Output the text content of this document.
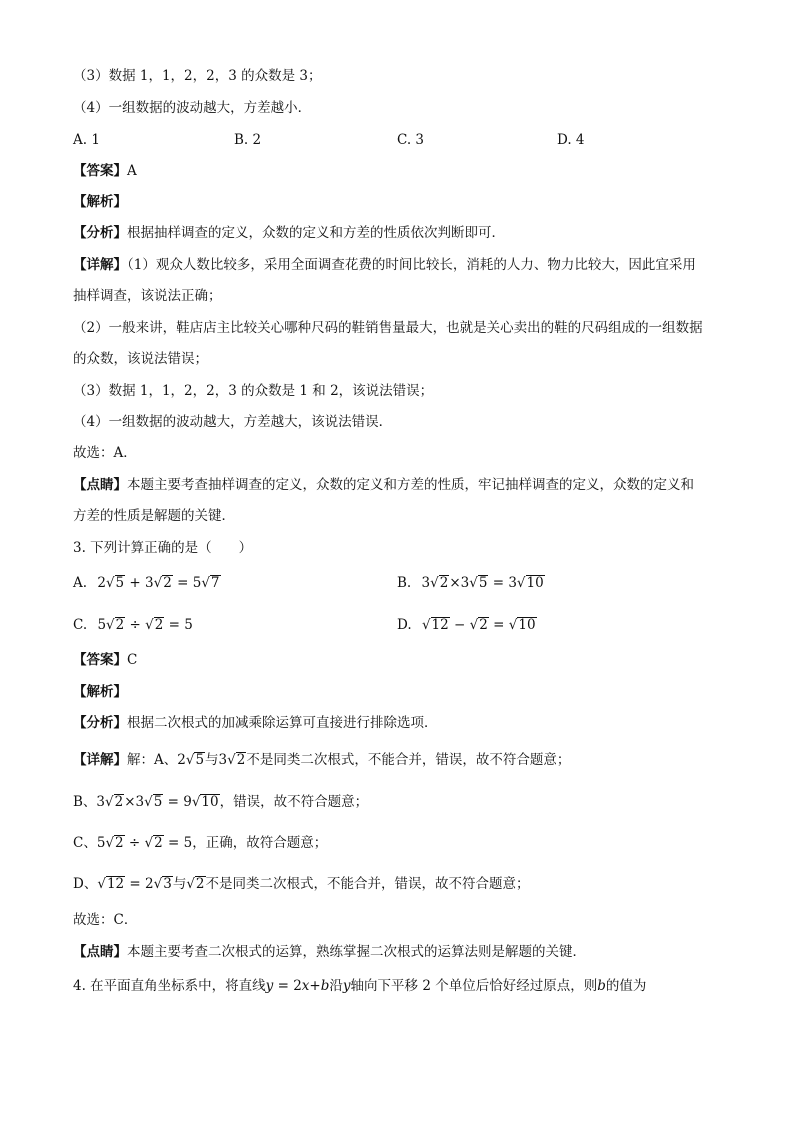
（3）数据 1，1，2，2，3 的众数是 3；
（4）一组数据的波动越大，方差越小．
A. 1	B. 2	C. 3	D. 4
【答案】A
【解析】
【分析】根据抽样调查的定义，众数的定义和方差的性质依次判断即可．
【详解】（1）观众人数比较多，采用全面调查花费的时间比较长，消耗的人力、物力比较大，因此宜采用
抽样调查，该说法正确；
（2）一般来讲，鞋店店主比较关心哪种尺码的鞋销售量最大，也就是关心卖出的鞋的尺码组成的一组数据
的众数，该说法错误；
（3）数据 1，1，2，2，3 的众数是 1 和 2，该说法错误；
（4）一组数据的波动越大，方差越大，该说法错误．
故选：A．
【点睛】本题主要考查抽样调查的定义，众数的定义和方差的性质，牢记抽样调查的定义，众数的定义和
方差的性质是解题的关键．
3. 下列计算正确的是（　　）
A. 2√5 + 3√2 = 5√7	B. 3√2×3√5 = 3√10
C. 5√2 ÷ √2 = 5	D. √12 − √2 = √10
【答案】C
【解析】
【分析】根据二次根式的加减乘除运算可直接进行排除选项．
【详解】解：A、2√5与3√2不是同类二次根式，不能合并，错误，故不符合题意；
B、3√2×3√5 = 9√10，错误，故不符合题意；
C、5√2 ÷ √2 = 5，正确，故符合题意；
D、√12 = 2√3与√2不是同类二次根式，不能合并，错误，故不符合题意；
故选：C．
【点睛】本题主要考查二次根式的运算，熟练掌握二次根式的运算法则是解题的关键．
4. 在平面直角坐标系中，将直线y = 2x+b沿y轴向下平移 2 个单位后恰好经过原点，则b的值为
